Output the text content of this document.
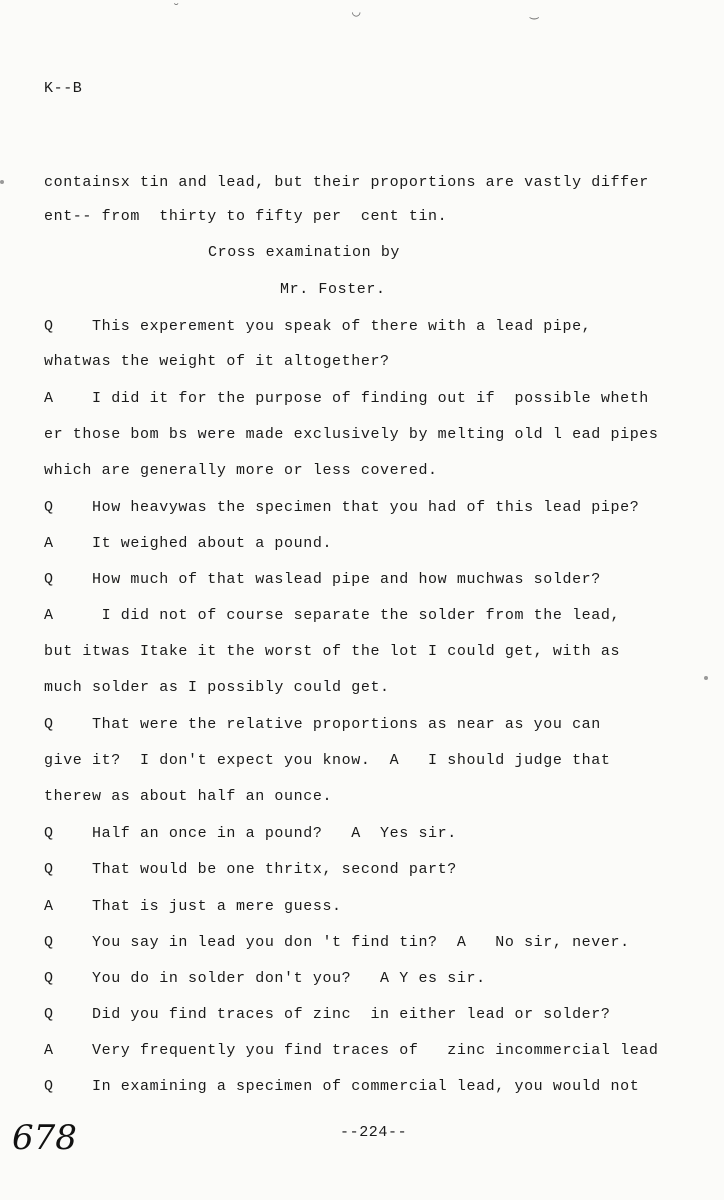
˘	◡	‿
K--B
containsx tin and lead, but their proportions are vastly differ
ent-- from  thirty to fifty per  cent tin.
Cross examination by
Mr. Foster.
Q    This experement you speak of there with a lead pipe,
whatwas the weight of it altogether?
A    I did it for the purpose of finding out if  possible wheth
er those bom bs were made exclusively by melting old l ead pipes
which are generally more or less covered.
Q    How heavywas the specimen that you had of this lead pipe?
A    It weighed about a pound.
Q    How much of that waslead pipe and how muchwas solder?
A     I did not of course separate the solder from the lead,
but itwas Itake it the worst of the lot I could get, with as
much solder as I possibly could get.
Q    That were the relative proportions as near as you can
give it?  I don't expect you know.  A   I should judge that
therew as about half an ounce.
Q    Half an once in a pound?   A  Yes sir.
Q    That would be one thritx, second part?
A    That is just a mere guess.
Q    You say in lead you don 't find tin?  A   No sir, never.
Q    You do in solder don't you?   A Y es sir.
Q    Did you find traces of zinc  in either lead or solder?
A    Very frequently you find traces of   zinc incommercial lead
Q    In examining a specimen of commercial lead, you would not
678	--224--
